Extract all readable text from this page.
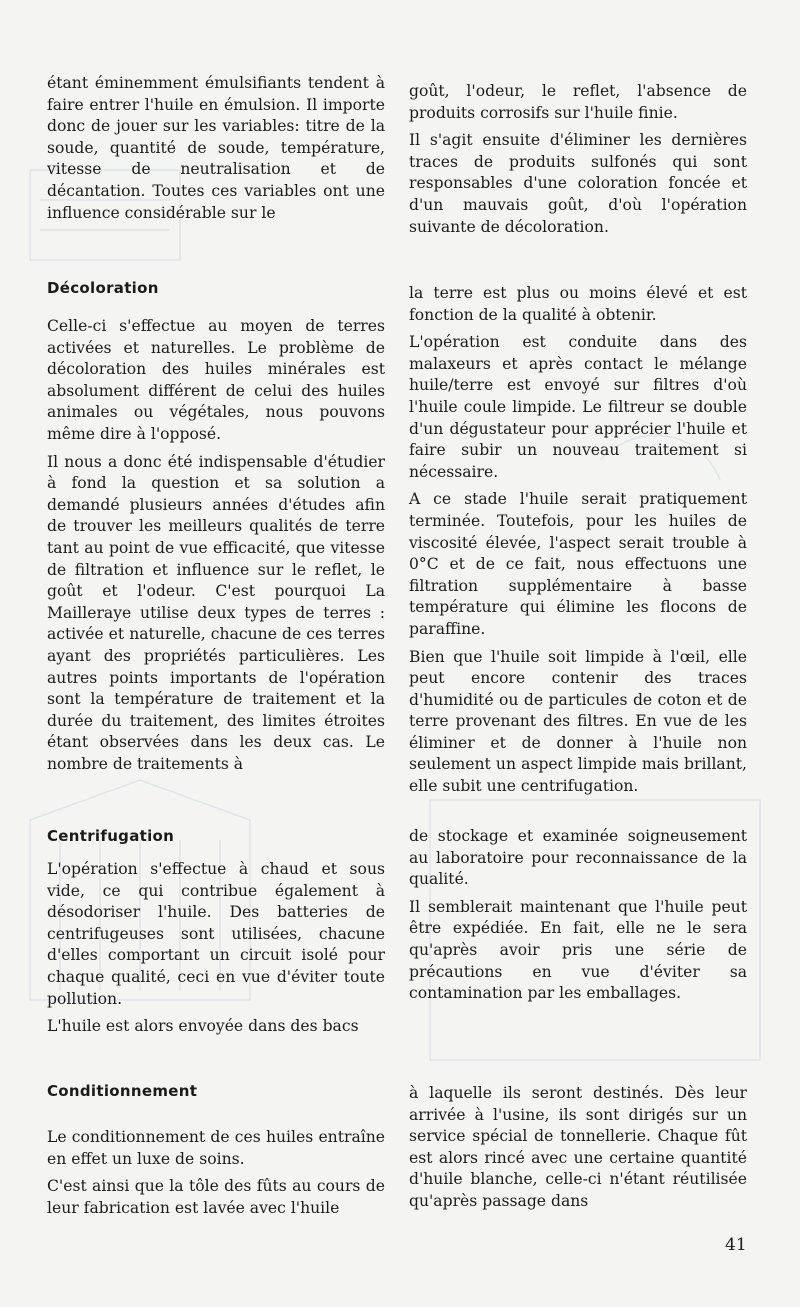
étant éminemment émulsifiants tendent à faire entrer l'huile en émulsion. Il importe donc de jouer sur les variables: titre de la soude, quantité de soude, température, vitesse de neutralisation et de décantation. Toutes ces variables ont une influence considérable sur le

goût, l'odeur, le reflet, l'absence de produits corrosifs sur l'huile finie.

Il s'agit ensuite d'éliminer les dernières traces de produits sulfonés qui sont responsables d'une coloration foncée et d'un mauvais goût, d'où l'opération suivante de décoloration.

Décoloration

Celle-ci s'effectue au moyen de terres activées et naturelles. Le problème de décoloration des huiles minérales est absolument différent de celui des huiles animales ou végétales, nous pouvons même dire à l'opposé.

Il nous a donc été indispensable d'étudier à fond la question et sa solution a demandé plusieurs années d'études afin de trouver les meilleurs qualités de terre tant au point de vue efficacité, que vitesse de filtration et influence sur le reflet, le goût et l'odeur. C'est pourquoi La Mailleraye utilise deux types de terres : activée et naturelle, chacune de ces terres ayant des propriétés particulières. Les autres points importants de l'opération sont la température de traitement et la durée du traitement, des limites étroites étant observées dans les deux cas. Le nombre de traitements à

la terre est plus ou moins élevé et est fonction de la qualité à obtenir.

L'opération est conduite dans des malaxeurs et après contact le mélange huile/terre est envoyé sur filtres d'où l'huile coule limpide. Le filtreur se double d'un dégustateur pour apprécier l'huile et faire subir un nouveau traitement si nécessaire.

A ce stade l'huile serait pratiquement terminée. Toutefois, pour les huiles de viscosité élevée, l'aspect serait trouble à 0°C et de ce fait, nous effectuons une filtration supplémentaire à basse température qui élimine les flocons de paraffine.

Bien que l'huile soit limpide à l'œil, elle peut encore contenir des traces d'humidité ou de particules de coton et de terre provenant des filtres. En vue de les éliminer et de donner à l'huile non seulement un aspect limpide mais brillant, elle subit une centrifugation.

Centrifugation

L'opération s'effectue à chaud et sous vide, ce qui contribue également à désodoriser l'huile. Des batteries de centrifugeuses sont utilisées, chacune d'elles comportant un circuit isolé pour chaque qualité, ceci en vue d'éviter toute pollution.

L'huile est alors envoyée dans des bacs

de stockage et examinée soigneusement au laboratoire pour reconnaissance de la qualité.

Il semblerait maintenant que l'huile peut être expédiée. En fait, elle ne le sera qu'après avoir pris une série de précautions en vue d'éviter sa contamination par les emballages.

Conditionnement

Le conditionnement de ces huiles entraîne en effet un luxe de soins.

C'est ainsi que la tôle des fûts au cours de leur fabrication est lavée avec l'huile

à laquelle ils seront destinés. Dès leur arrivée à l'usine, ils sont dirigés sur un service spécial de tonnellerie. Chaque fût est alors rincé avec une certaine quantité d'huile blanche, celle-ci n'étant réutilisée qu'après passage dans

41
